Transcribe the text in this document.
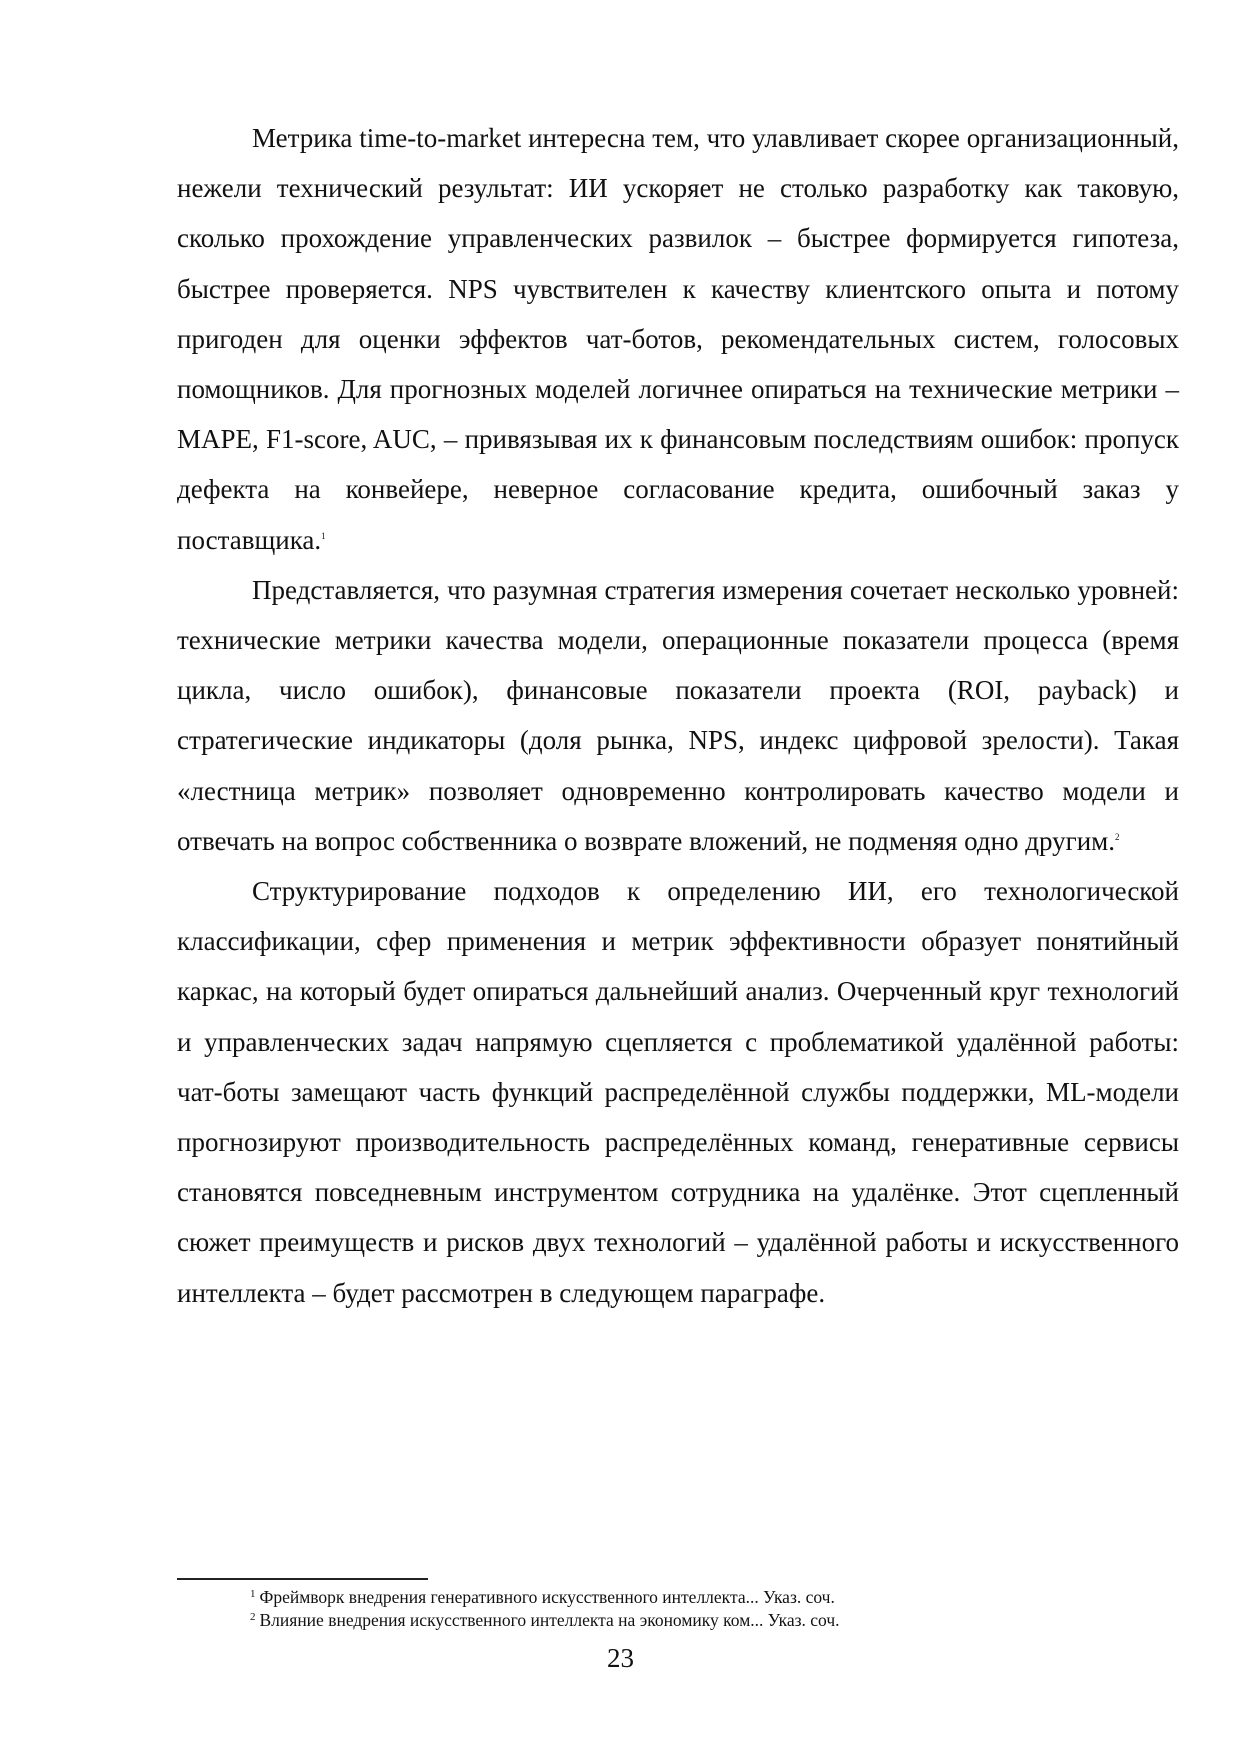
Метрика time-to-market интересна тем, что улавливает скорее организационный, нежели технический результат: ИИ ускоряет не столько разработку как таковую, сколько прохождение управленческих развилок – быстрее формируется гипотеза, быстрее проверяется. NPS чувствителен к качеству клиентского опыта и потому пригоден для оценки эффектов чат-ботов, рекомендательных систем, голосовых помощников. Для прогнозных моделей логичнее опираться на технические метрики – MAPE, F1-score, AUC, – привязывая их к финансовым последствиям ошибок: пропуск дефекта на конвейере, неверное согласование кредита, ошибочный заказ у поставщика.$^1$

Представляется, что разумная стратегия измерения сочетает несколько уровней: технические метрики качества модели, операционные показатели процесса (время цикла, число ошибок), финансовые показатели проекта (ROI, payback) и стратегические индикаторы (доля рынка, NPS, индекс цифровой зрелости). Такая «лестница метрик» позволяет одновременно контролировать качество модели и отвечать на вопрос собственника о возврате вложений, не подменяя одно другим.$^2$

Структурирование подходов к определению ИИ, его технологической классификации, сфер применения и метрик эффективности образует понятийный каркас, на который будет опираться дальнейший анализ. Очерченный круг технологий и управленческих задач напрямую сцепляется с проблематикой удалённой работы: чат-боты замещают часть функций распределённой службы поддержки, ML-модели прогнозируют производительность распределённых команд, генеративные сервисы становятся повседневным инструментом сотрудника на удалёнке. Этот сцепленный сюжет преимуществ и рисков двух технологий – удалённой работы и искусственного интеллекта – будет рассмотрен в следующем параграфе.

$^1$ Фреймворк внедрения генеративного искусственного интеллекта... Указ. соч.

$^2$ Влияние внедрения искусственного интеллекта на экономику ком... Указ. соч.

23
